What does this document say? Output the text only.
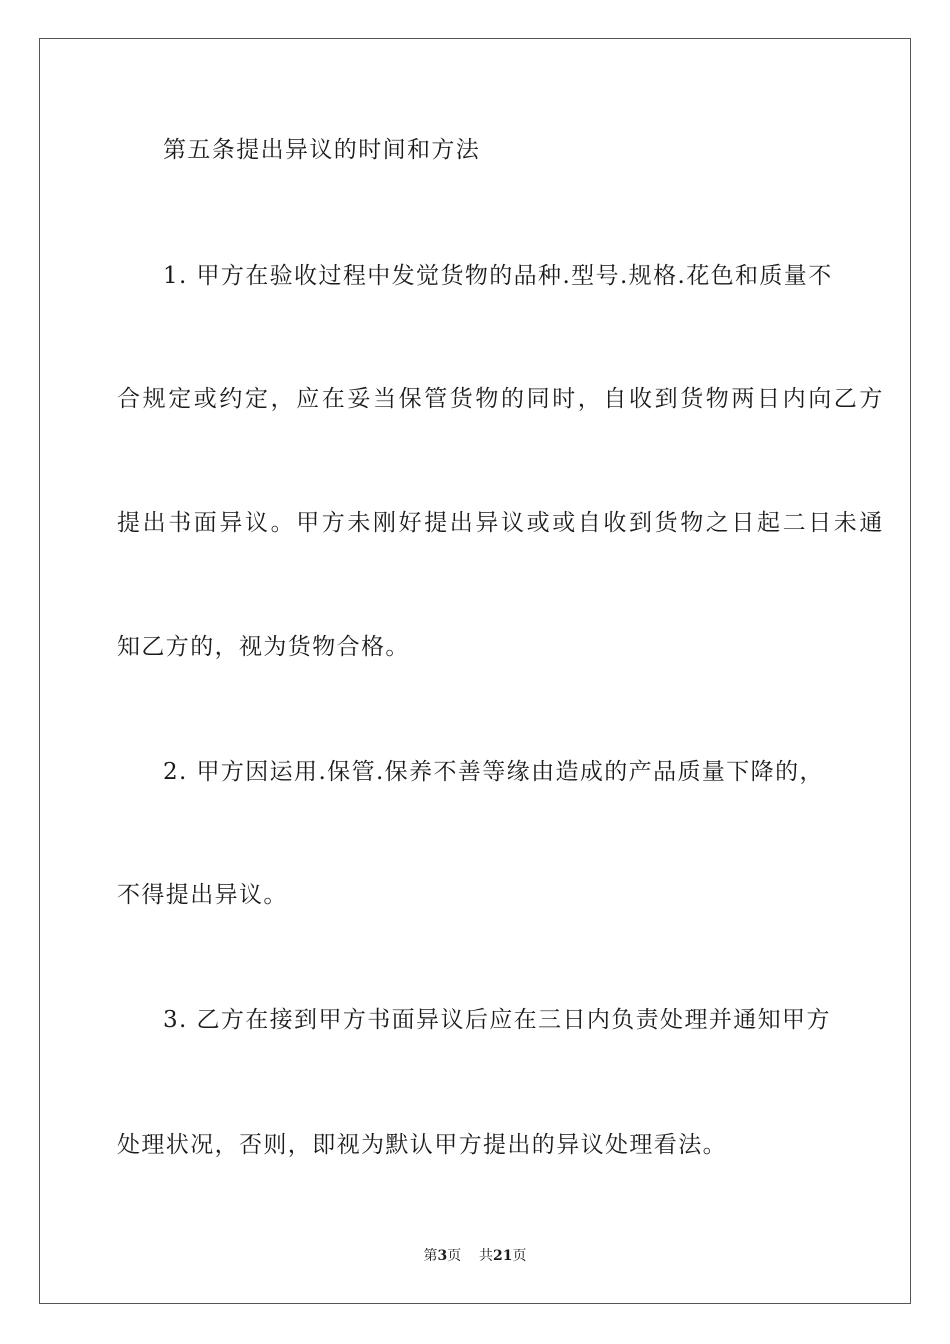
第五条提出异议的时间和方法
1. 甲方在验收过程中发觉货物的品种.型号.规格.花色和质量不
合规定或约定，应在妥当保管货物的同时，自收到货物两日内向乙方
提出书面异议。甲方未刚好提出异议或或自收到货物之日起二日未通
知乙方的，视为货物合格。
2. 甲方因运用.保管.保养不善等缘由造成的产品质量下降的，
不得提出异议。
3. 乙方在接到甲方书面异议后应在三日内负责处理并通知甲方
处理状况，否则，即视为默认甲方提出的异议处理看法。
第3页 共21页
